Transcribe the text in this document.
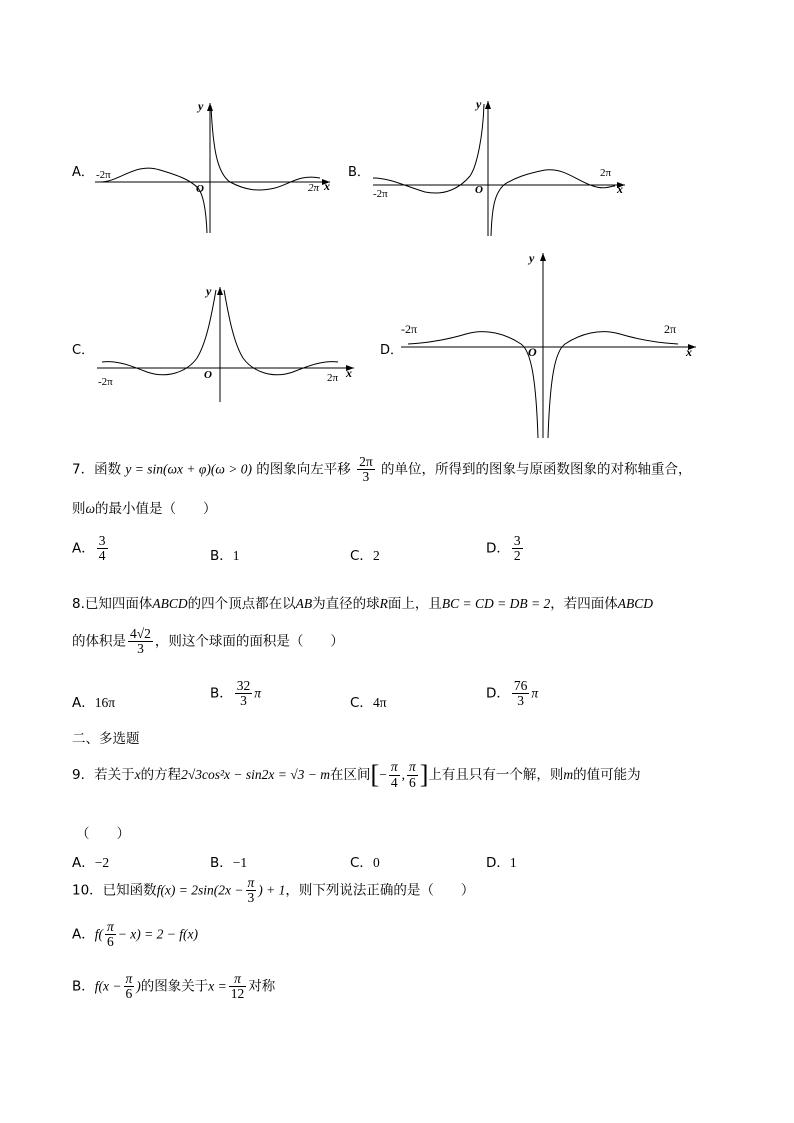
A． -2π
2π
O	x
y
B．
-2π
2π
O	x
y
C．
-2π	2π
O	x
y
D．
-2π	2π
O	x
y
7．函数 y = sin(ωx + φ)(ω > 0) 的图象向左平移 $\frac{2\pi}{3}$ 的单位，所得到的图象与原函数图象的对称轴重合，
则ω的最小值是（　　）
A． $\frac{3}{4}$	B．1	C．2	D． $\frac{3}{2}$
8.已知四面体ABCD的四个顶点都在以AB为直径的球R面上，且BC = CD = DB = 2，若四面体ABCD
的体积是 $\frac{4√2}{3}$ ，则这个球面的面积是（　　）
A．16π
B． $\frac{32}{3}$ π
C．4π
D． $\frac{76}{3}$ π
二、多选题
9．若关于x的方程2√3cos²x − sin2x = √3 − m在区间[− $\frac{\pi}{4}$ , $\frac{\pi}{6}$ ]上有且只有一个解，则m的值可能为
（　　）
A．−2	B．−1	C．0	D．1
10．已知函数$f(x) = 2\sin(2x - \frac{\pi}{3}$ ) + 1，则下列说法正确的是（　　）
A．$f( \frac{\pi}{6} - x) = 2 - f(x)$
B．$f(x - \frac{\pi}{6}$ )的图象关于$x = \frac{\pi}{12}$ 对称
